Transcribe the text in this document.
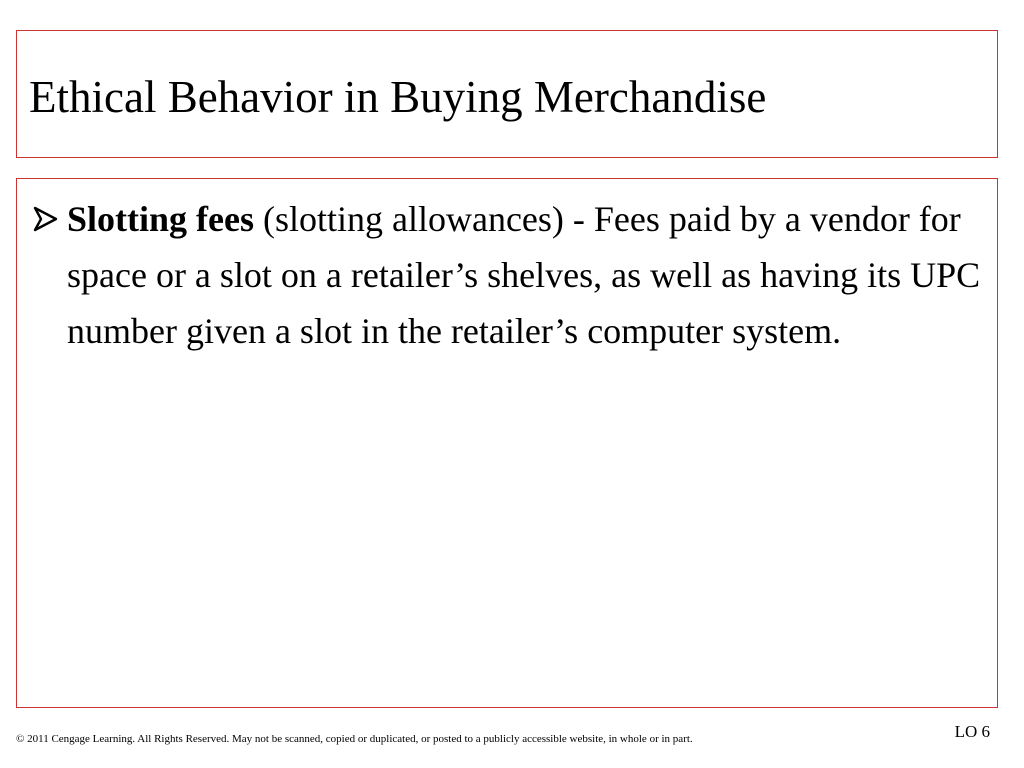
Ethical Behavior in Buying Merchandise
Slotting fees (slotting allowances) - Fees paid by a vendor for space or a slot on a retailer’s shelves, as well as having its UPC number given a slot in the retailer’s computer system.
© 2011 Cengage Learning. All Rights Reserved. May not be scanned, copied or duplicated, or posted to a publicly accessible website, in whole or in part.	LO 6
